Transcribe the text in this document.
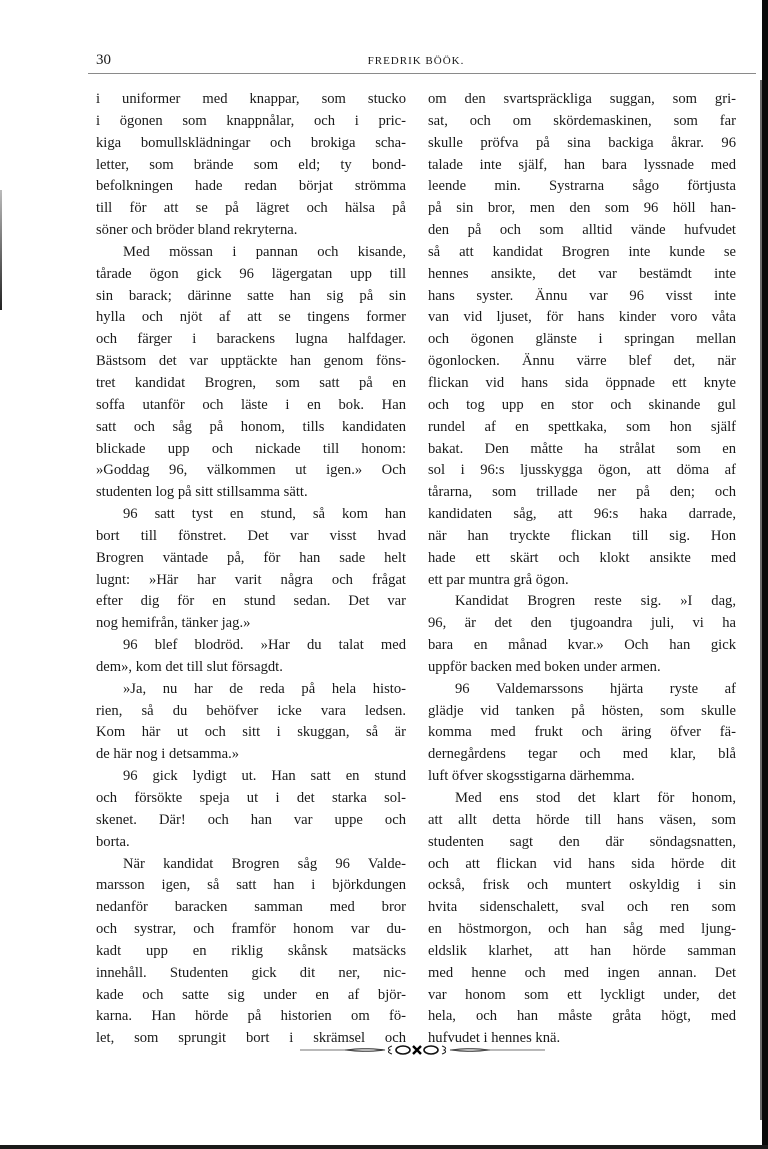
30	FREDRIK BÖÖK.
i uniformer med knappar, som stucko
i ögonen som knappnålar, och i pric-
kiga bomullsklädningar och brokiga scha-
letter, som brände som eld; ty bond-
befolkningen hade redan börjat strömma
till för att se på lägret och hälsa på
söner och bröder bland rekryterna.
Med mössan i pannan och kisande,
tårade ögon gick 96 lägergatan upp till
sin barack; därinne satte han sig på sin
hylla och njöt af att se tingens former
och färger i barackens lugna halfdager.
Bästsom det var upptäckte han genom föns-
tret kandidat Brogren, som satt på en
soffa utanför och läste i en bok. Han
satt och såg på honom, tills kandidaten
blickade upp och nickade till honom:
»Goddag 96, välkommen ut igen.» Och
studenten log på sitt stillsamma sätt.
96 satt tyst en stund, så kom han
bort till fönstret. Det var visst hvad
Brogren väntade på, för han sade helt
lugnt: »Här har varit några och frågat
efter dig för en stund sedan. Det var
nog hemifrån, tänker jag.»
96 blef blodröd. »Har du talat med
dem», kom det till slut försagdt.
»Ja, nu har de reda på hela histo-
rien, så du behöfver icke vara ledsen.
Kom här ut och sitt i skuggan, så är
de här nog i detsamma.»
96 gick lydigt ut. Han satt en stund
och försökte speja ut i det starka sol-
skenet. Där! och han var uppe och
borta.
När kandidat Brogren såg 96 Valde-
marsson igen, så satt han i björkdungen
nedanför baracken samman med bror
och systrar, och framför honom var du-
kadt upp en riklig skånsk matsäcks
innehåll. Studenten gick dit ner, nic-
kade och satte sig under en af björ-
karna. Han hörde på historien om fö-
let, som sprungit bort i skrämsel och
om den svartspräckliga suggan, som gri-
sat, och om skördemaskinen, som far
skulle pröfva på sina backiga åkrar. 96
talade inte själf, han bara lyssnade med
leende min. Systrarna sågo förtjusta
på sin bror, men den som 96 höll han-
den på och som alltid vände hufvudet
så att kandidat Brogren inte kunde se
hennes ansikte, det var bestämdt inte
hans syster. Ännu var 96 visst inte
van vid ljuset, för hans kinder voro våta
och ögonen glänste i springan mellan
ögonlocken. Ännu värre blef det, när
flickan vid hans sida öppnade ett knyte
och tog upp en stor och skinande gul
rundel af en spettkaka, som hon själf
bakat. Den måtte ha strålat som en
sol i 96:s ljusskygga ögon, att döma af
tårarna, som trillade ner på den; och
kandidaten såg, att 96:s haka darrade,
när han tryckte flickan till sig. Hon
hade ett skärt och klokt ansikte med
ett par muntra grå ögon.
Kandidat Brogren reste sig. »I dag,
96, är det den tjugoandra juli, vi ha
bara en månad kvar.» Och han gick
uppför backen med boken under armen.
96 Valdemarssons hjärta ryste af
glädje vid tanken på hösten, som skulle
komma med frukt och äring öfver fä-
dernegårdens tegar och med klar, blå
luft öfver skogsstigarna därhemma.
Med ens stod det klart för honom,
att allt detta hörde till hans väsen, som
studenten sagt den där söndagsnatten,
och att flickan vid hans sida hörde dit
också, frisk och muntert oskyldig i sin
hvita sidenschalett, sval och ren som
en höstmorgon, och han såg med ljung-
eldslik klarhet, att han hörde samman
med henne och med ingen annan. Det
var honom som ett lyckligt under, det
hela, och han måste gråta högt, med
hufvudet i hennes knä.
